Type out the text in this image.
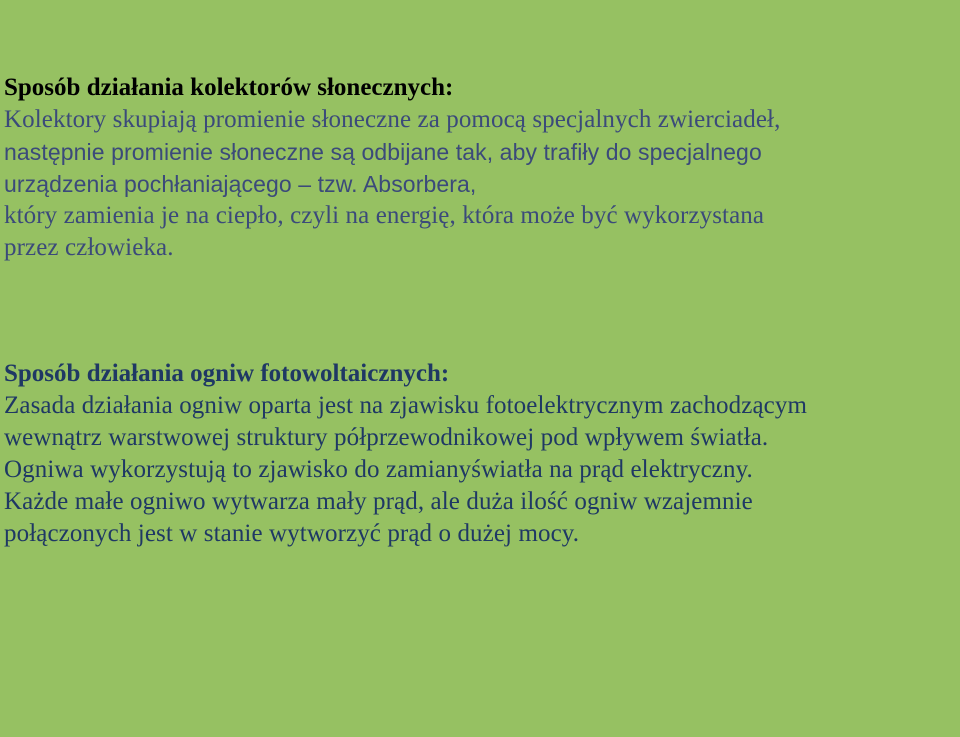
Sposób działania kolektorów słonecznych:
Kolektory skupiają promienie słoneczne za pomocą specjalnych zwierciadeł,
następnie promienie słoneczne są odbijane tak, aby trafiły do specjalnego
urządzenia pochłaniającego – tzw. Absorbera,
który zamienia je na ciepło, czyli na energię, która może być wykorzystana
przez człowieka.
Sposób działania ogniw fotowoltaicznych:
Zasada działania ogniw oparta jest na zjawisku fotoelektrycznym zachodzącym
wewnątrz warstwowej struktury półprzewodnikowej pod wpływem światła.
Ogniwa wykorzystują to zjawisko do zamianyświatła na prąd elektryczny.
Każde małe ogniwo wytwarza mały prąd, ale duża ilość ogniw wzajemnie
połączonych jest w stanie wytworzyć prąd o dużej mocy.
